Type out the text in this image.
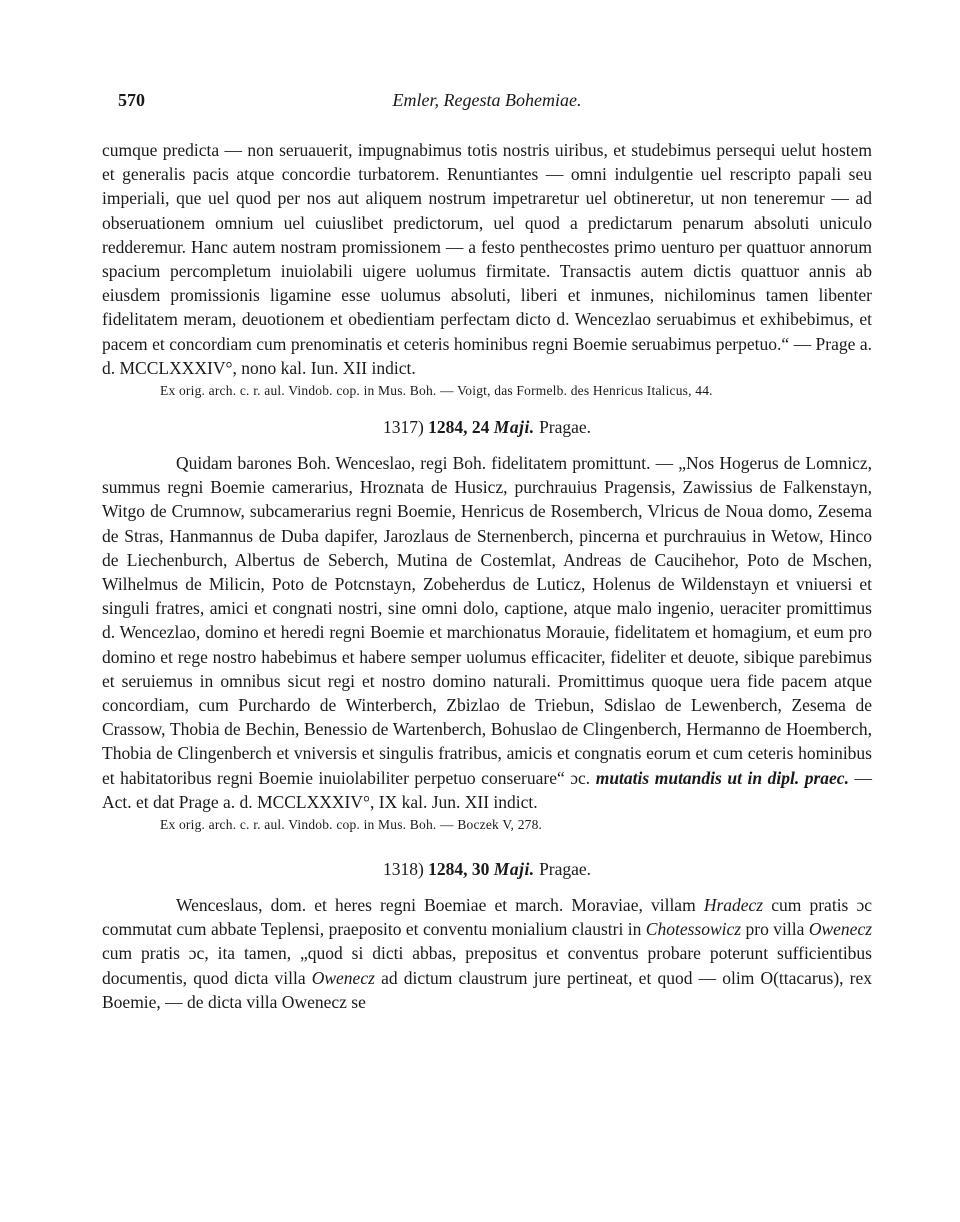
570	Emler, Regesta Bohemiae.

cumque predicta — non seruauerit, impugnabimus totis nostris uiribus, et studebimus persequi uelut hostem et generalis pacis atque concordie turbatorem. Renuntiantes — omni indulgentie uel rescripto papali seu imperiali, que uel quod per nos aut aliquem nostrum impetraretur uel obtineretur, ut non teneremur — ad obseruationem omnium uel cuiuslibet predictorum, uel quod a predictarum penarum absoluti uniculo redderemur. Hanc autem nostram promissionem — a festo penthecostes primo uenturo per quattuor annorum spacium percompletum inuiolabili uigere uolumus firmitate. Transactis autem dictis quattuor annis ab eiusdem promissionis ligamine esse uolumus absoluti, liberi et inmunes, nichilominus tamen libenter fidelitatem meram, deuotionem et obedientiam perfectam dicto d. Wencezlao seruabimus et exhibebimus, et pacem et concordiam cum prenominatis et ceteris hominibus regni Boemie seruabimus perpetuo.“ — Prage a. d. MCCLXXXIV°, nono kal. Iun. XII indict.

Ex orig. arch. c. r. aul. Vindob. cop. in Mus. Boh. — Voigt, das Formelb. des Henricus Italicus, 44.

1317) 1284, 24 Maji. Pragae.

Quidam barones Boh. Wenceslao, regi Boh. fidelitatem promittunt. — „Nos Hogerus de Lomnicz, summus regni Boemie camerarius, Hroznata de Husicz, purchrauius Pragensis, Zawissius de Falkenstayn, Witgo de Crumnow, subcamerarius regni Boemie, Henricus de Rosemberch, Vlricus de Noua domo, Zesema de Stras, Hanmannus de Duba dapifer, Jarozlaus de Sternenberch, pincerna et purchrauius in Wetow, Hinco de Liechenburch, Albertus de Seberch, Mutina de Costemlat, Andreas de Caucihehor, Poto de Mschen, Wilhelmus de Milicin, Poto de Potcnstayn, Zobeherdus de Luticz, Holenus de Wildenstayn et vniuersi et singuli fratres, amici et congnati nostri, sine omni dolo, captione, atque malo ingenio, ueraciter promittimus d. Wencezlao, domino et heredi regni Boemie et marchionatus Morauie, fidelitatem et homagium, et eum pro domino et rege nostro habebimus et habere semper uolumus efficaciter, fideliter et deuote, sibique parebimus et seruiemus in omnibus sicut regi et nostro domino naturali. Promittimus quoque uera fide pacem atque concordiam, cum Purchardo de Winterberch, Zbizlao de Triebun, Sdislao de Lewenberch, Zesema de Crassow, Thobia de Bechin, Benessio de Wartenberch, Bohuslao de Clingenberch, Hermanno de Hoemberch, Thobia de Clingenberch et vniversis et singulis fratribus, amicis et congnatis eorum et cum ceteris hominibus et habitatoribus regni Boemie inuiolabiliter perpetuo conseruare“ ɔc. mutatis mutandis ut in dipl. praec. — Act. et dat Prage a. d. MCCLXXXIV°, IX kal. Jun. XII indict.

Ex orig. arch. c. r. aul. Vindob. cop. in Mus. Boh. — Boczek V, 278.

1318) 1284, 30 Maji. Pragae.

Wenceslaus, dom. et heres regni Boemiae et march. Moraviae, villam Hradecz cum pratis ɔc commutat cum abbate Teplensi, praeposito et conventu monialium claustri in Chotessowicz pro villa Owenecz cum pratis ɔc, ita tamen, „quod si dicti abbas, prepositus et conventus probare poterunt sufficientibus documentis, quod dicta villa Owenecz ad dictum claustrum jure pertineat, et quod — olim O(ttacarus), rex Boemie, — de dicta villa Owenecz se
